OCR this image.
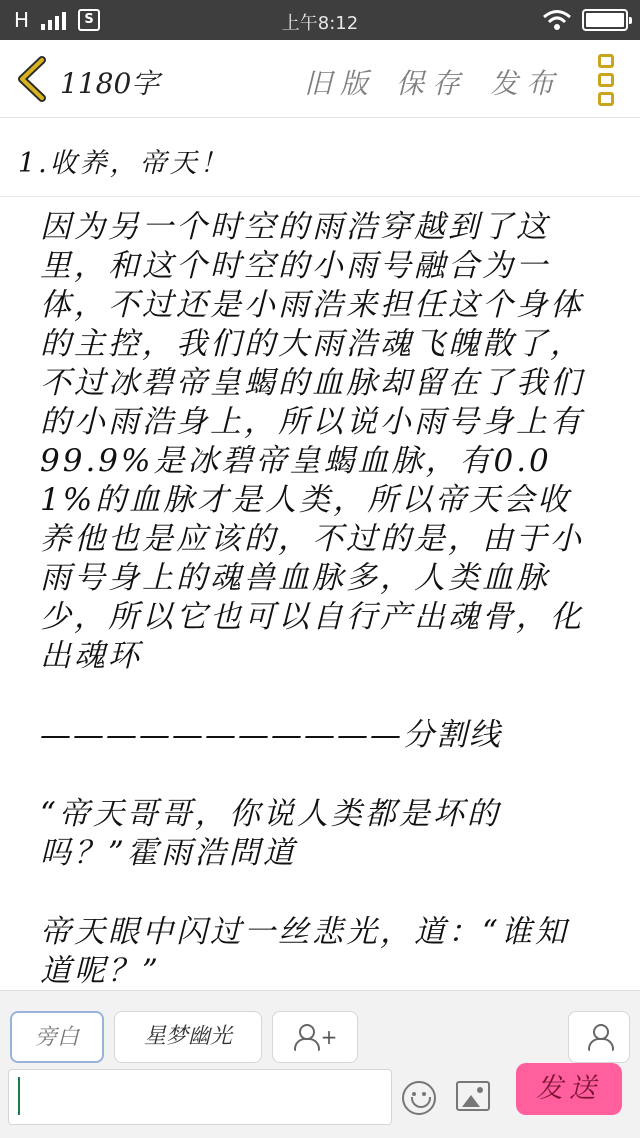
H	S	上午8:12
1180字	旧版 保存 发布
1.收养，帝天！

因为另一个时空的雨浩穿越到了这里，和这个时空的小雨号融合为一体，不过还是小雨浩来担任这个身体的主控，我们的大雨浩魂飞魄散了，不过冰碧帝皇蝎的血脉却留在了我们的小雨浩身上，所以说小雨号身上有99.9%是冰碧帝皇蝎血脉，有0.01%的血脉才是人类，所以帝天会收养他也是应该的，不过的是，由于小雨号身上的魂兽血脉多，人类血脉少，所以它也可以自行产出魂骨，化出魂环

———————————分割线

“帝天哥哥，你说人类都是坏的吗？”霍雨浩問道

帝天眼中闪过一丝悲光，道：“谁知道呢？”

旁白	星梦幽光	+
发送
